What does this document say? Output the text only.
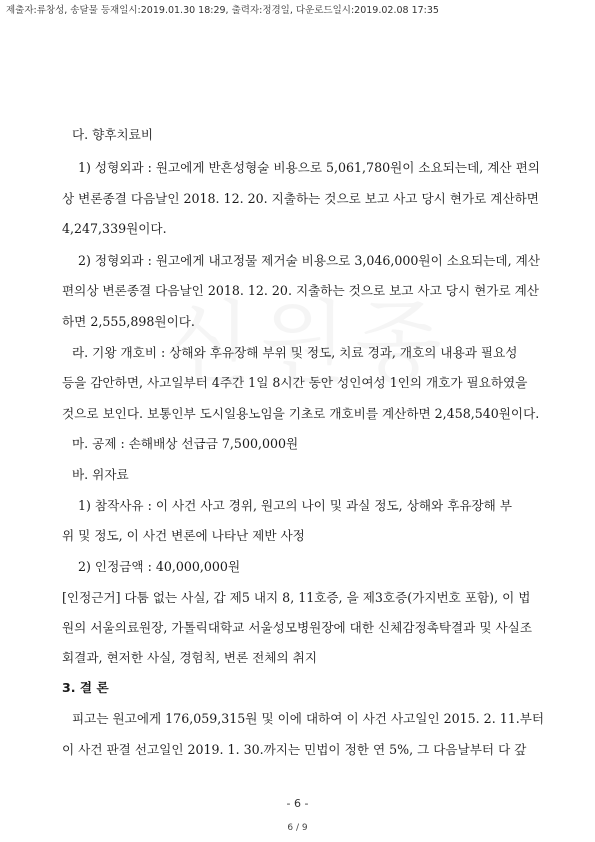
제출자:류창성, 송달물 등재일시:2019.01.30 18:29, 출력자:정경일, 다운로드일시:2019.02.08 17:35
다. 향후치료비
1) 성형외과 : 원고에게 반흔성형술 비용으로 5,061,780원이 소요되는데, 계산 편의
상 변론종결 다음날인 2018. 12. 20. 지출하는 것으로 보고 사고 당시 현가로 계산하면
4,247,339원이다.
2) 정형외과 : 원고에게 내고정물 제거술 비용으로 3,046,000원이 소요되는데, 계산
편의상 변론종결 다음날인 2018. 12. 20. 지출하는 것으로 보고 사고 당시 현가로 계산
하면 2,555,898원이다.
라. 기왕 개호비 : 상해와 후유장해 부위 및 정도, 치료 경과, 개호의 내용과 필요성
등을 감안하면, 사고일부터 4주간 1일 8시간 동안 성인여성 1인의 개호가 필요하였을
것으로 보인다. 보통인부 도시일용노임을 기초로 개호비를 계산하면 2,458,540원이다.
마. 공제 : 손해배상 선급금 7,500,000원
바. 위자료
1) 참작사유 : 이 사건 사고 경위, 원고의 나이 및 과실 정도, 상해와 후유장해 부
위 및 정도, 이 사건 변론에 나타난 제반 사정
2) 인정금액 : 40,000,000원
[인정근거] 다툼 없는 사실, 갑 제5 내지 8, 11호증, 을 제3호증(가지번호 포함), 이 법
원의 서울의료원장, 가톨릭대학교 서울성모병원장에 대한 신체감정촉탁결과 및 사실조
회결과, 현저한 사실, 경험칙, 변론 전체의 취지
3. 결 론
피고는 원고에게 176,059,315원 및 이에 대하여 이 사건 사고일인 2015. 2. 11.부터
이 사건 판결 선고일인 2019. 1. 30.까지는 민법이 정한 연 5%, 그 다음날부터 다 갚
- 6 -
6 / 9
